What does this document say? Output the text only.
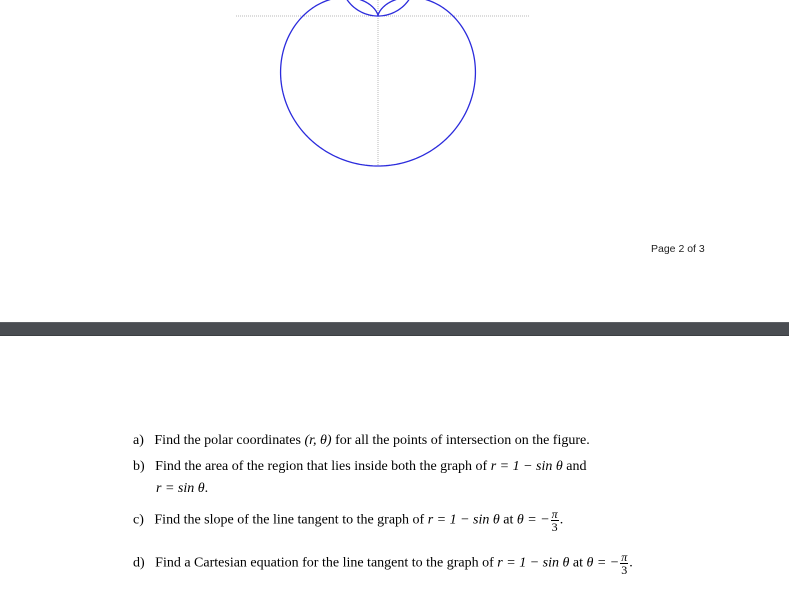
Page 2 of 3
a) Find the polar coordinates (r, θ) for all the points of intersection on the figure.
b) Find the area of the region that lies inside both the graph of r = 1 − sin θ and
r = sin θ.
c) Find the slope of the line tangent to the graph of r = 1 − sin θ at θ = − $\frac{\pi}{3}$ .
d) Find a Cartesian equation for the line tangent to the graph of r = 1 − sin θ at θ = − $\frac{\pi}{3}$ .
